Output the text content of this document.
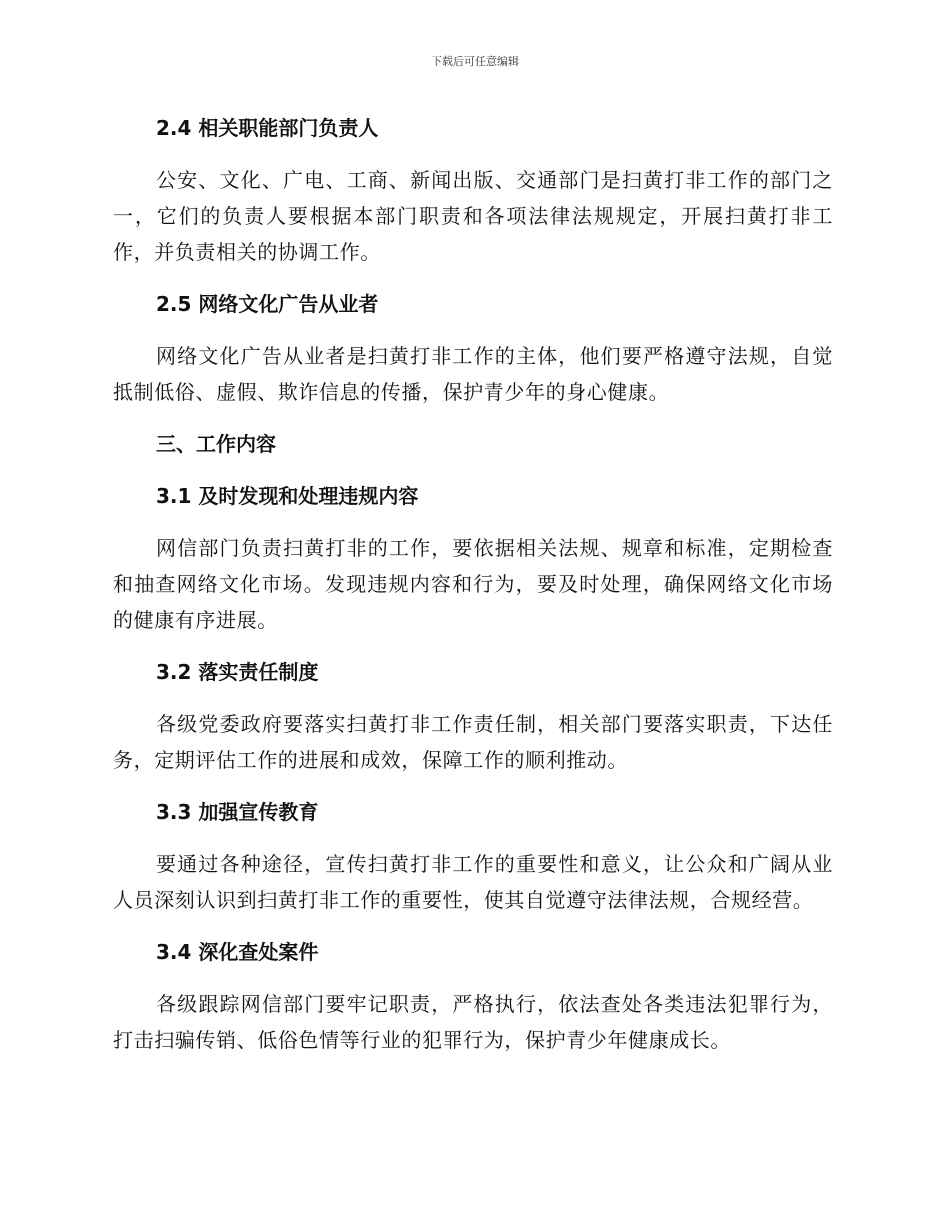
下载后可任意编辑
2.4 相关职能部门负责人

公安、文化、广电、工商、新闻出版、交通部门是扫黄打非工作的部门之一，它们的负责人要根据本部门职责和各项法律法规规定，开展扫黄打非工作，并负责相关的协调工作。

2.5 网络文化广告从业者

网络文化广告从业者是扫黄打非工作的主体，他们要严格遵守法规，自觉抵制低俗、虚假、欺诈信息的传播，保护青少年的身心健康。

三、工作内容
3.1 及时发现和处理违规内容

网信部门负责扫黄打非的工作，要依据相关法规、规章和标准，定期检查和抽查网络文化市场。发现违规内容和行为，要及时处理，确保网络文化市场的健康有序进展。

3.2 落实责任制度

各级党委政府要落实扫黄打非工作责任制，相关部门要落实职责，下达任务，定期评估工作的进展和成效，保障工作的顺利推动。

3.3 加强宣传教育

要通过各种途径，宣传扫黄打非工作的重要性和意义，让公众和广阔从业人员深刻认识到扫黄打非工作的重要性，使其自觉遵守法律法规，合规经营。

3.4 深化查处案件

各级跟踪网信部门要牢记职责，严格执行，依法查处各类违法犯罪行为，打击扫骗传销、低俗色情等行业的犯罪行为，保护青少年健康成长。
